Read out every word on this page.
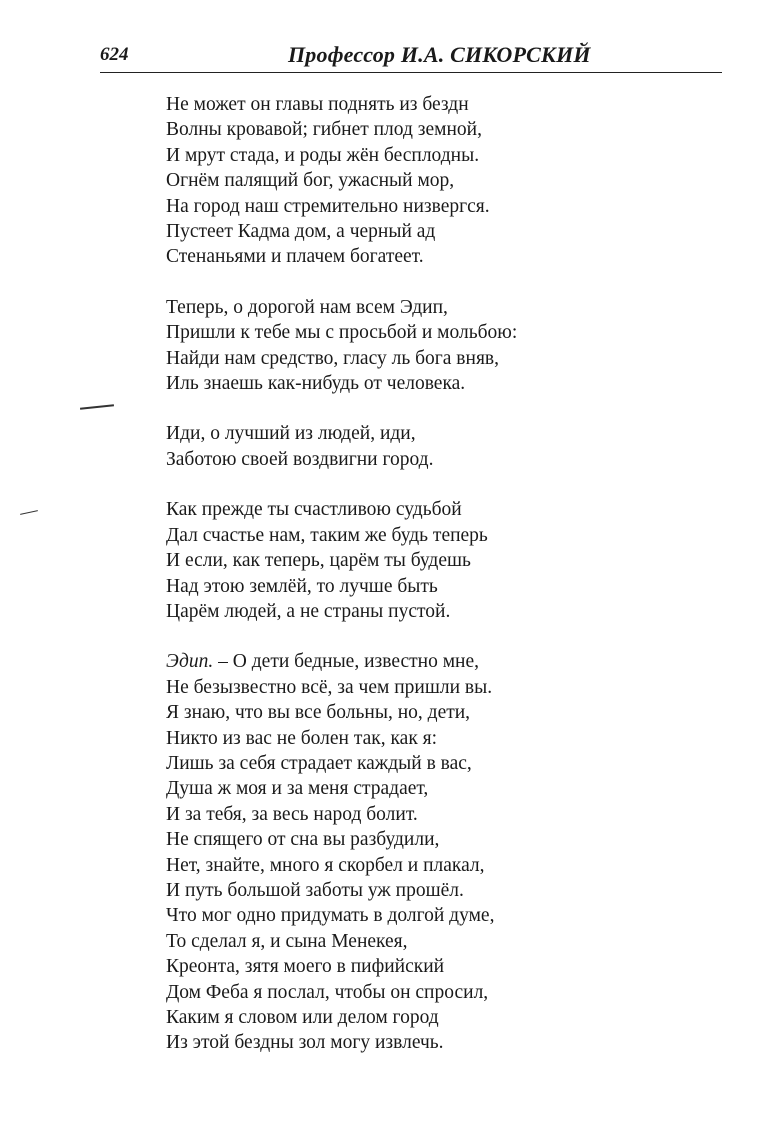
624	Профессор И.А. СИКОРСКИЙ
Не может он главы поднять из бездн
Волны кровавой; гибнет плод земной,
И мрут стада, и роды жён бесплодны.
Огнём палящий бог, ужасный мор,
На город наш стремительно низвергся.
Пустеет Кадма дом, а черный ад
Стенаньями и плачем богатеет.
Теперь, о дорогой нам всем Эдип,
Пришли к тебе мы с просьбой и мольбою:
Найди нам средство, гласу ль бога вняв,
Иль знаешь как-нибудь от человека.
Иди, о лучший из людей, иди,
Заботою своей воздвигни город.
Как прежде ты счастливою судьбой
Дал счастье нам, таким же будь теперь
И если, как теперь, царём ты будешь
Над этою землёй, то лучше быть
Царём людей, а не страны пустой.
Эдип. – О дети бедные, известно мне,
Не безызвестно всё, за чем пришли вы.
Я знаю, что вы все больны, но, дети,
Никто из вас не болен так, как я:
Лишь за себя страдает каждый в вас,
Душа ж моя и за меня страдает,
И за тебя, за весь народ болит.
Не спящего от сна вы разбудили,
Нет, знайте, много я скорбел и плакал,
И путь большой заботы уж прошёл.
Что мог одно придумать в долгой думе,
То сделал я, и сына Менекея,
Креонта, зятя моего в пифийский
Дом Феба я послал, чтобы он спросил,
Каким я словом или делом город
Из этой бездны зол могу извлечь.
